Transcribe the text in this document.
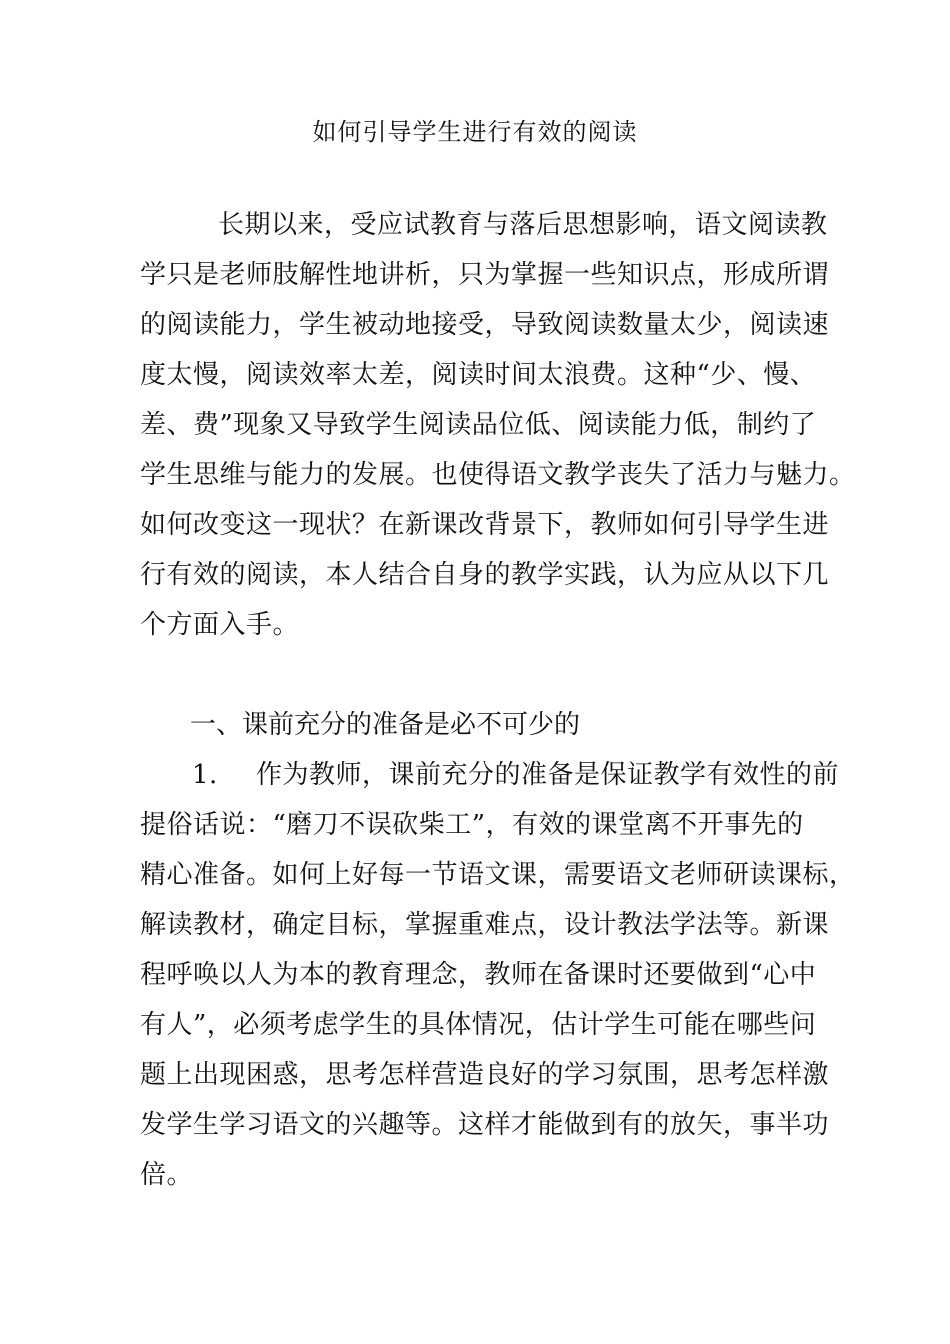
如何引导学生进行有效的阅读
长期以来，受应试教育与落后思想影响，语文阅读教
学只是老师肢解性地讲析，只为掌握一些知识点，形成所谓
的阅读能力，学生被动地接受，导致阅读数量太少，阅读速
度太慢，阅读效率太差，阅读时间太浪费。这种“少、慢、
差、费”现象又导致学生阅读品位低、阅读能力低，制约了
学生思维与能力的发展。也使得语文教学丧失了活力与魅力。
如何改变这一现状？在新课改背景下，教师如何引导学生进
行有效的阅读，本人结合自身的教学实践，认为应从以下几
个方面入手。
一、课前充分的准备是必不可少的
1. 作为教师，课前充分的准备是保证教学有效性的前
提俗话说：“磨刀不误砍柴工”，有效的课堂离不开事先的
精心准备。如何上好每一节语文课，需要语文老师研读课标，
解读教材，确定目标，掌握重难点，设计教法学法等。新课
程呼唤以人为本的教育理念，教师在备课时还要做到“心中
有人”，必须考虑学生的具体情况，估计学生可能在哪些问
题上出现困惑，思考怎样营造良好的学习氛围，思考怎样激
发学生学习语文的兴趣等。这样才能做到有的放矢，事半功
倍。
